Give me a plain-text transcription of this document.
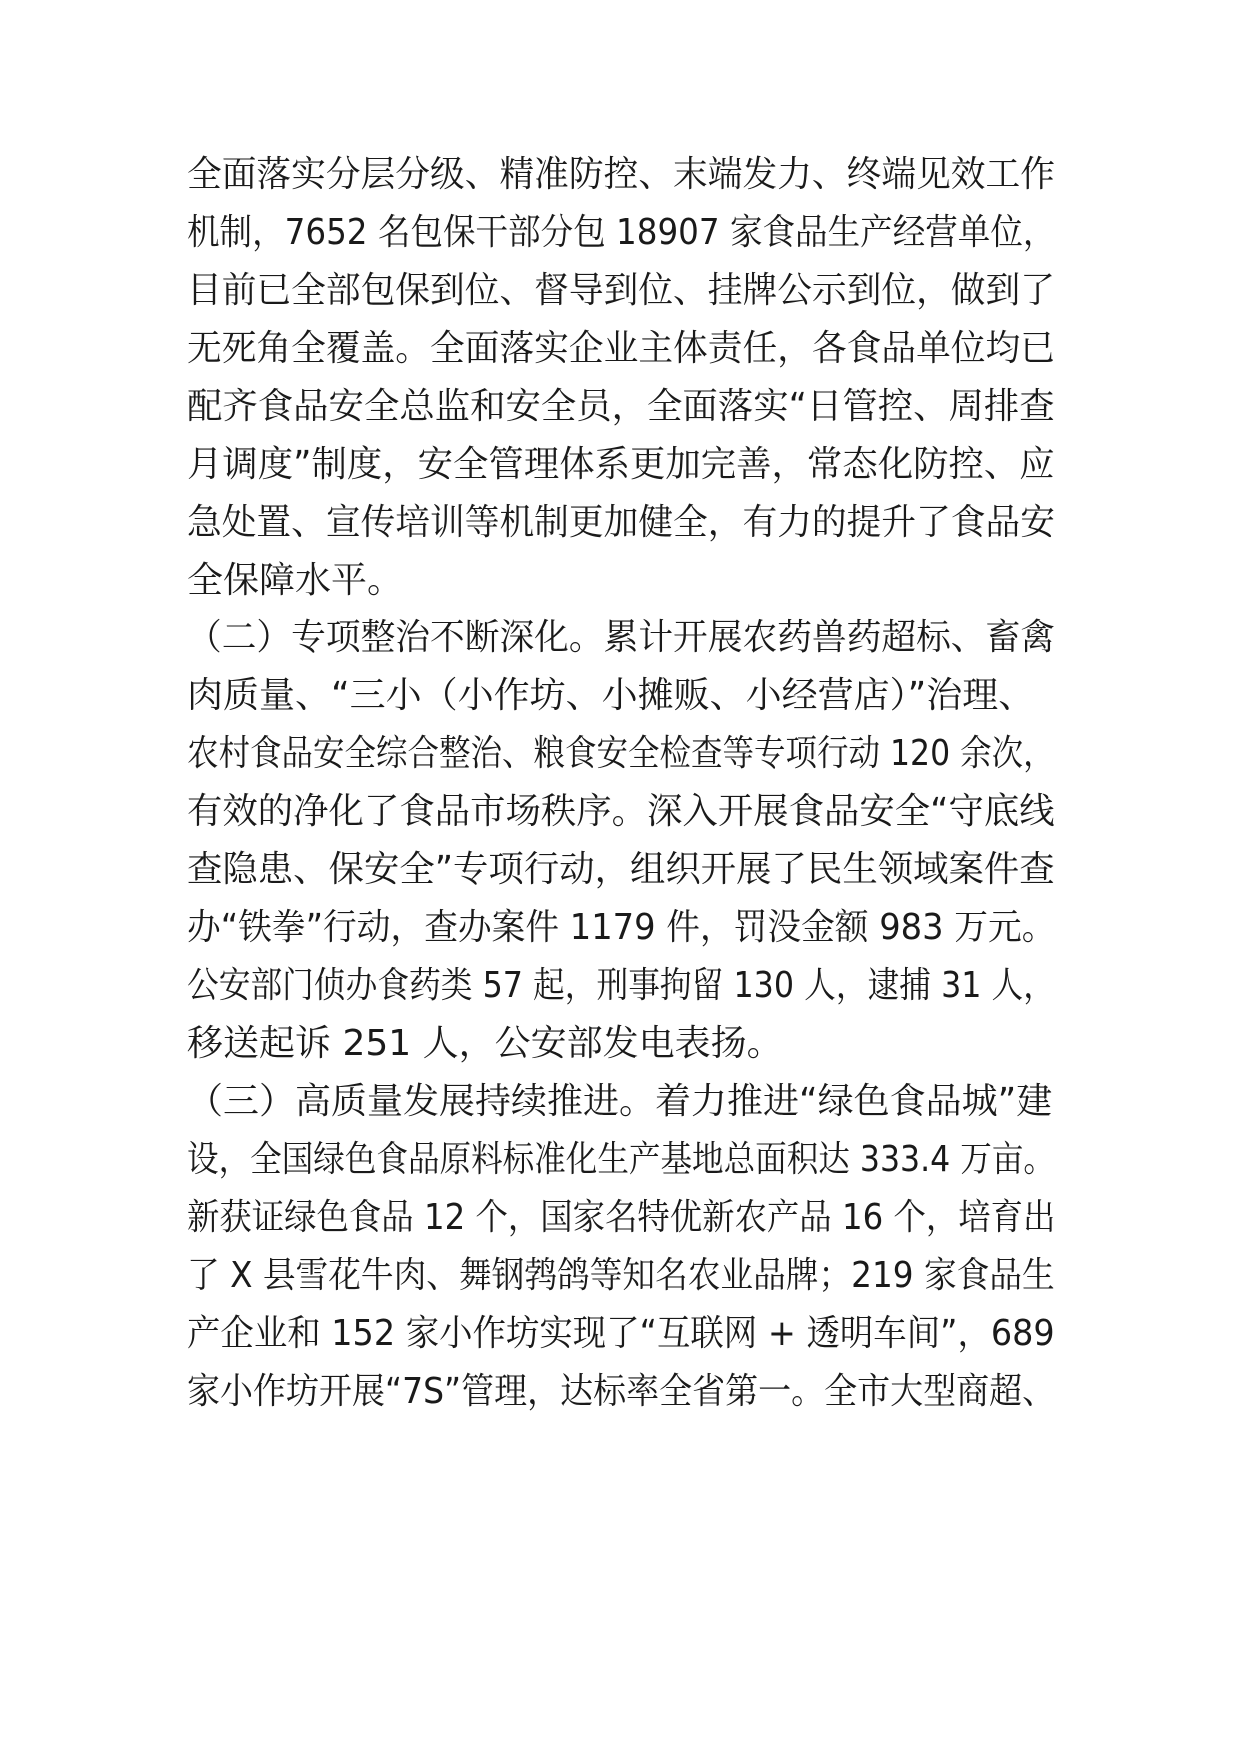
全面落实分层分级、精准防控、末端发力、终端见效工作
机制，7652 名包保干部分包 18907 家食品生产经营单位，
目前已全部包保到位、督导到位、挂牌公示到位，做到了
无死角全覆盖。全面落实企业主体责任，各食品单位均已
配齐食品安全总监和安全员，全面落实“日管控、周排查
月调度”制度，安全管理体系更加完善，常态化防控、应
急处置、宣传培训等机制更加健全，有力的提升了食品安
全保障水平。
（二）专项整治不断深化。累计开展农药兽药超标、畜禽
肉质量、“三小（小作坊、小摊贩、小经营店）”治理、
农村食品安全综合整治、粮食安全检查等专项行动 120 余次，
有效的净化了食品市场秩序。深入开展食品安全“守底线
查隐患、保安全”专项行动，组织开展了民生领域案件查
办“铁拳”行动，查办案件 1179 件，罚没金额 983 万元。
公安部门侦办食药类 57 起，刑事拘留 130 人，逮捕 31 人，
移送起诉 251 人，公安部发电表扬。
（三）高质量发展持续推进。着力推进“绿色食品城”建
设，全国绿色食品原料标准化生产基地总面积达 333.4 万亩。
新获证绿色食品 12 个，国家名特优新农产品 16 个，培育出
了 X 县雪花牛肉、舞钢鹁鸽等知名农业品牌；219 家食品生
产企业和 152 家小作坊实现了“互联网 + 透明车间”，689
家小作坊开展“7S”管理，达标率全省第一。全市大型商超、
